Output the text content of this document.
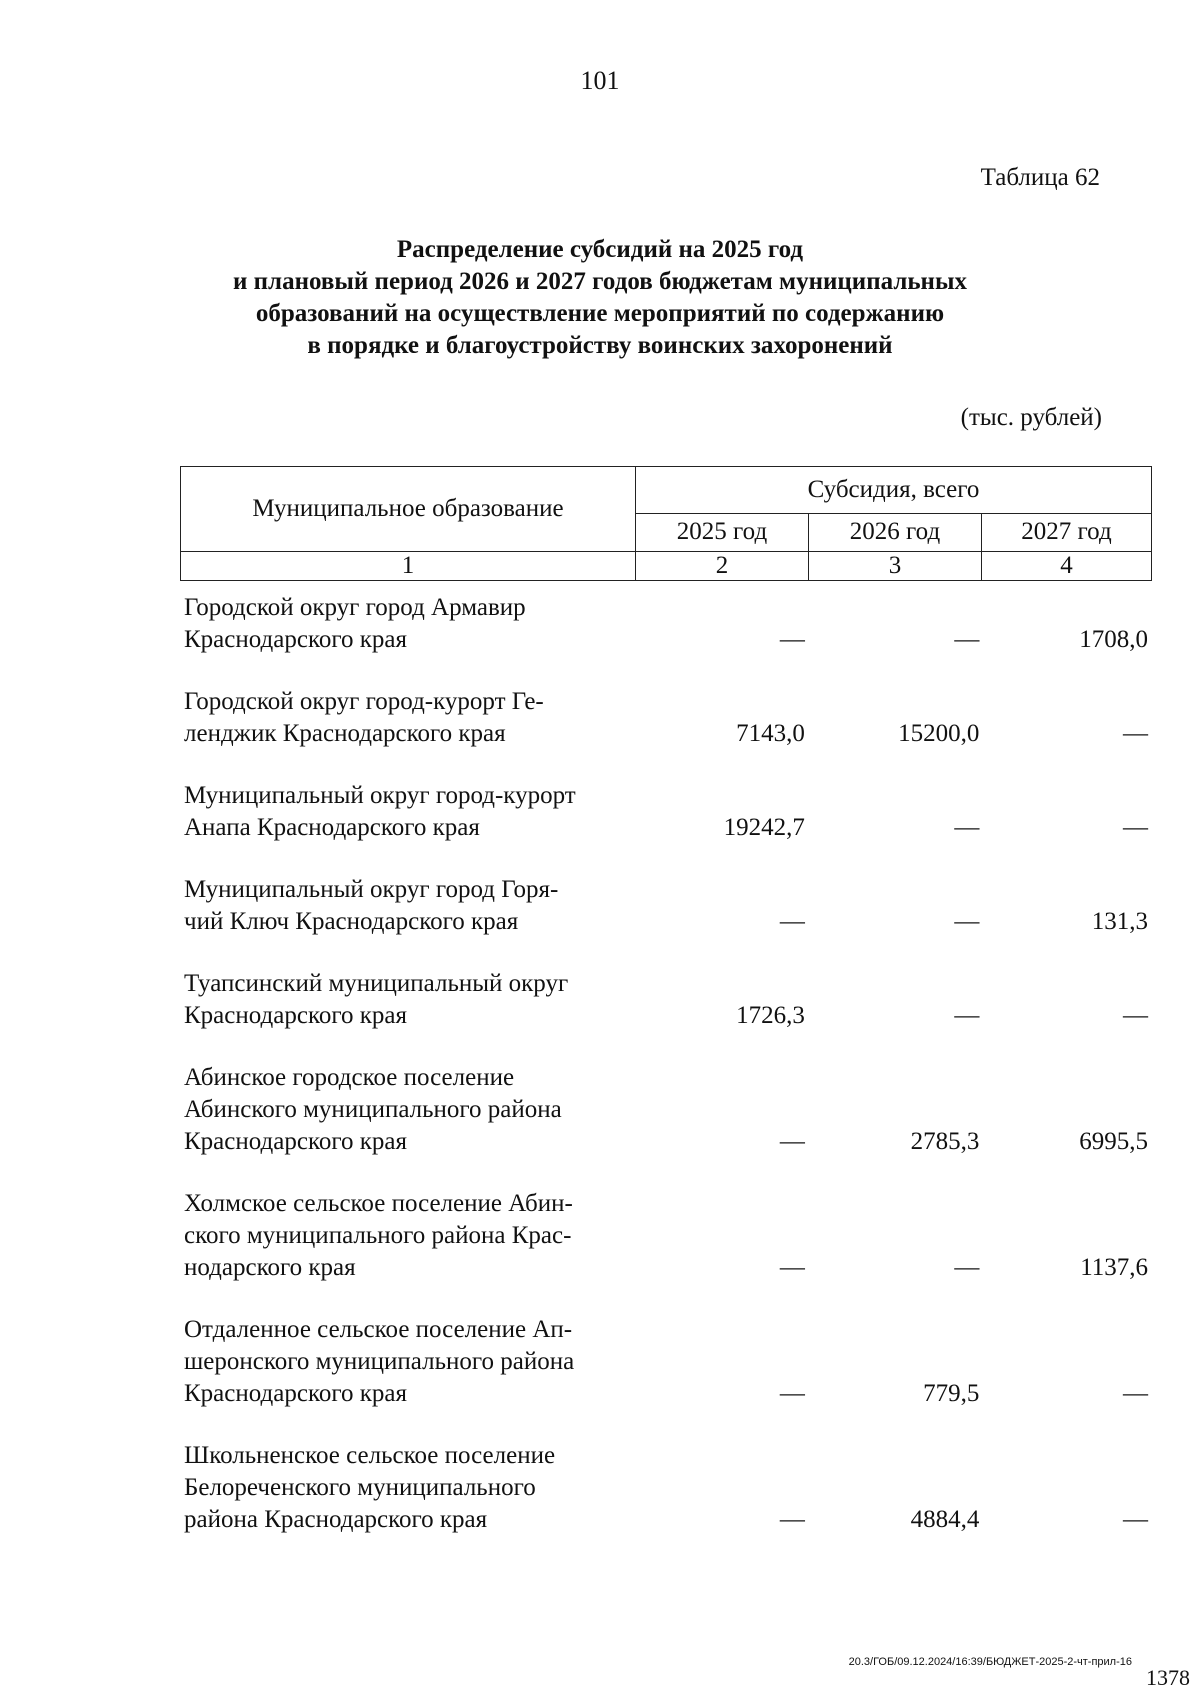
101
Таблица 62
Распределение субсидий на 2025 год
и плановый период 2026 и 2027 годов бюджетам муниципальных
образований на осуществление мероприятий по содержанию
в порядке и благоустройству воинских захоронений
(тыс. рублей)
Муниципальное образование	Субсидия, всего		
	2025 год	2026 год	2027 год
1	2	3	4
Городской округ город Армавир
Краснодарского края	—	—	1708,0
Городской округ город-курорт Ге-
ленджик Краснодарского края	7143,0	15200,0	—
Муниципальный округ город-курорт
Анапа Краснодарского края	19242,7	—	—
Муниципальный округ город Горя-
чий Ключ Краснодарского края	—	—	131,3
Туапсинский муниципальный округ
Краснодарского края	1726,3	—	—
Абинское городское поселение
Абинского муниципального района
Краснодарского края	—	2785,3	6995,5
Холмское сельское поселение Абин-
ского муниципального района Крас-
нодарского края	—	—	1137,6
Отдаленное сельское поселение Ап-
шеронского муниципального района
Краснодарского края	—	779,5	—
Школьненское сельское поселение
Белореченского муниципального
района Краснодарского края	—	4884,4	—
20.3/ГОБ/09.12.2024/16:39/БЮДЖЕТ-2025-2-чт-прил-16
1378
